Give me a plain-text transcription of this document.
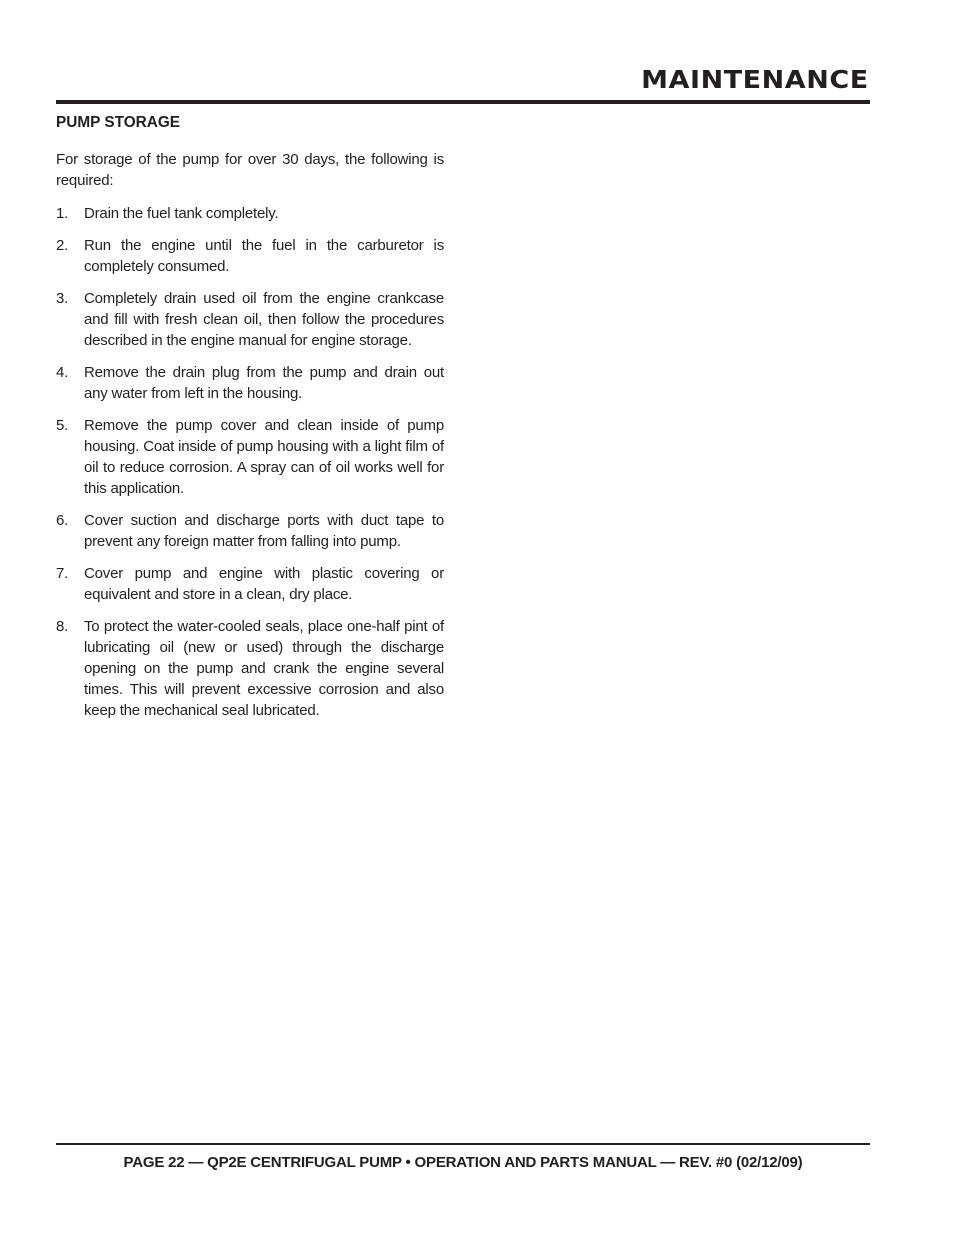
MAINTENANCE
PUMP STORAGE

For storage of the pump for over 30 days, the following is required:

1.	Drain the fuel tank completely.
2.	Run the engine until the fuel in the carburetor is completely consumed.
3.	Completely drain used oil from the engine crankcase and fill with fresh clean oil, then follow the procedures described in the engine manual for engine storage.
4.	Remove the drain plug from the pump and drain out any water from left in the housing.
5.	Remove the pump cover and clean inside of pump housing. Coat inside of pump housing with a light film of oil to reduce corrosion. A spray can of oil works well for this application.
6.	Cover suction and discharge ports with duct tape to prevent any foreign matter from falling into pump.
7.	Cover pump and engine with plastic covering or equivalent and store in a clean, dry place.
8.	To protect the water-cooled seals, place one-half pint of lubricating oil (new or used) through the discharge opening on the pump and crank the engine several times. This will prevent excessive corrosion and also keep the mechanical seal lubricated.
PAGE 22 — QP2E CENTRIFUGAL PUMP • OPERATION AND PARTS MANUAL — REV. #0 (02/12/09)
